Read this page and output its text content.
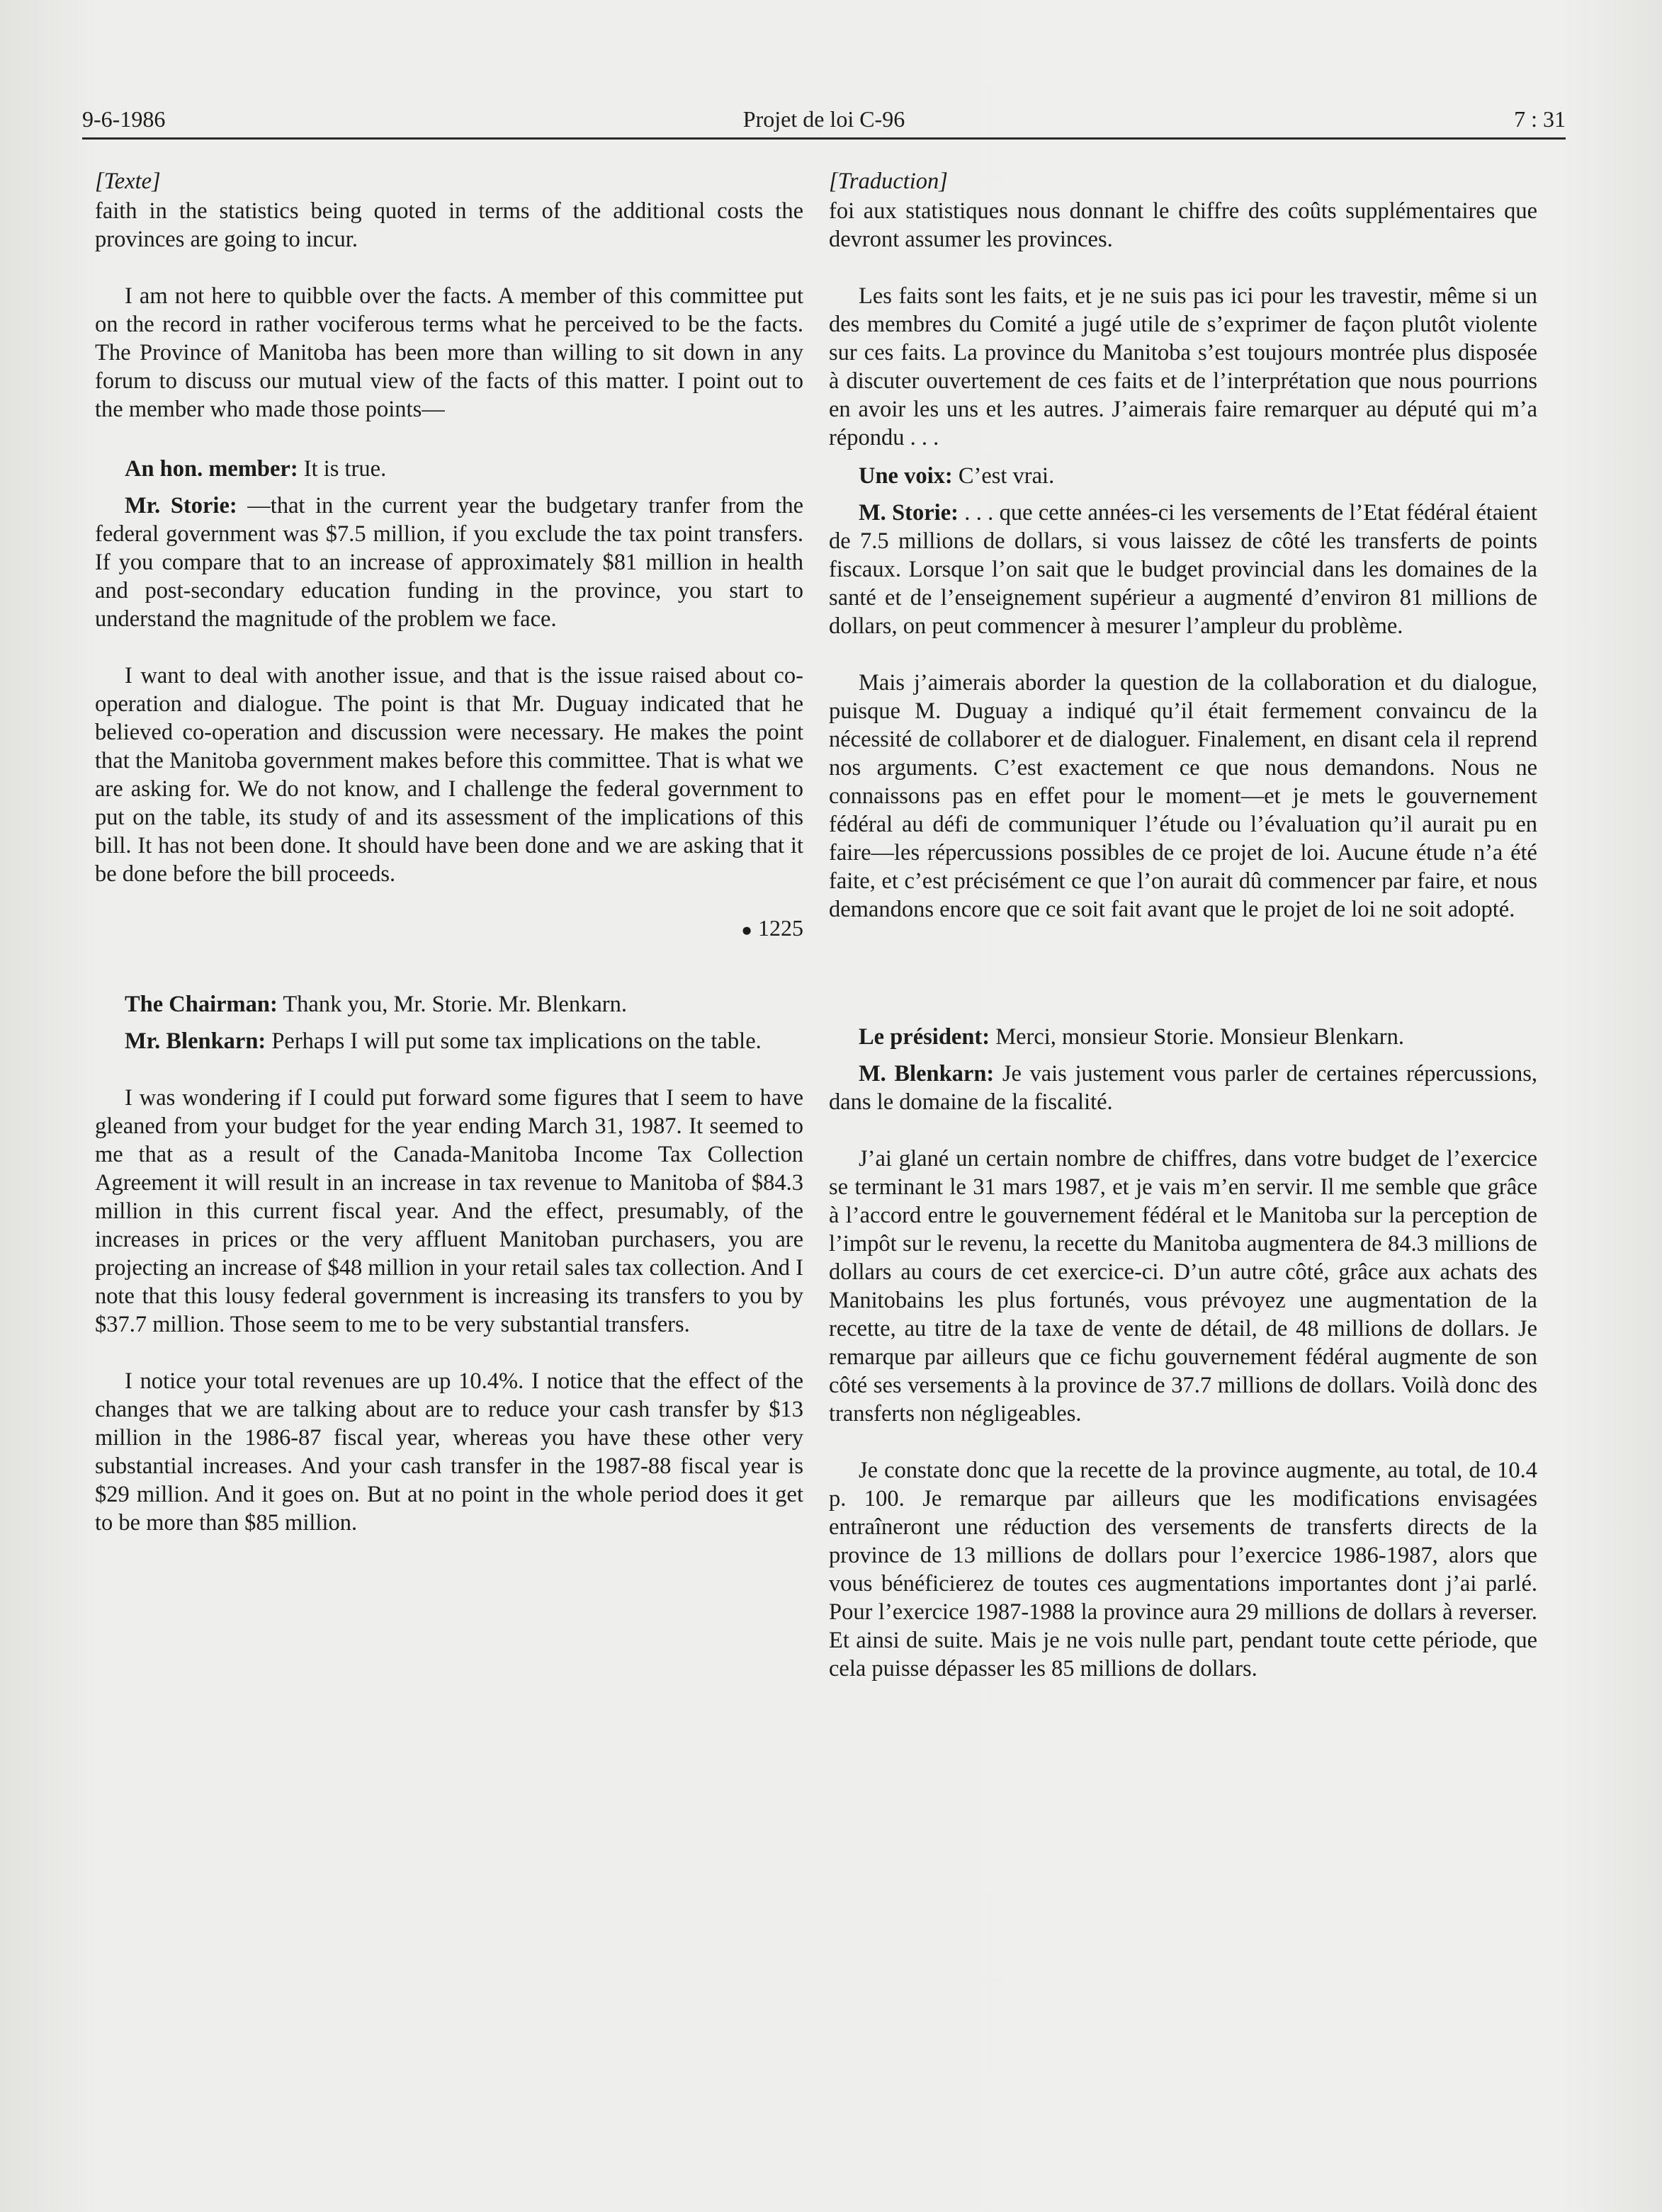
9-6-1986	Projet de loi C-96	7 : 31
[Texte]

faith in the statistics being quoted in terms of the additional costs the provinces are going to incur.

I am not here to quibble over the facts. A member of this committee put on the record in rather vociferous terms what he perceived to be the facts. The Province of Manitoba has been more than willing to sit down in any forum to discuss our mutual view of the facts of this matter. I point out to the member who made those points—

An hon. member: It is true.

Mr. Storie: —that in the current year the budgetary tranfer from the federal government was $7.5 million, if you exclude the tax point transfers. If you compare that to an increase of approximately $81 million in health and post-secondary education funding in the province, you start to understand the magnitude of the problem we face.

I want to deal with another issue, and that is the issue raised about co-operation and dialogue. The point is that Mr. Duguay indicated that he believed co-operation and discussion were necessary. He makes the point that the Manitoba government makes before this committee. That is what we are asking for. We do not know, and I challenge the federal government to put on the table, its study of and its assessment of the implications of this bill. It has not been done. It should have been done and we are asking that it be done before the bill proceeds.

● 1225

The Chairman: Thank you, Mr. Storie. Mr. Blenkarn.

Mr. Blenkarn: Perhaps I will put some tax implications on the table.

I was wondering if I could put forward some figures that I seem to have gleaned from your budget for the year ending March 31, 1987. It seemed to me that as a result of the Canada-Manitoba Income Tax Collection Agreement it will result in an increase in tax revenue to Manitoba of $84.3 million in this current fiscal year. And the effect, presumably, of the increases in prices or the very affluent Manitoban purchasers, you are projecting an increase of $48 million in your retail sales tax collection. And I note that this lousy federal government is increasing its transfers to you by $37.7 million. Those seem to me to be very substantial transfers.

I notice your total revenues are up 10.4%. I notice that the effect of the changes that we are talking about are to reduce your cash transfer by $13 million in the 1986-87 fiscal year, whereas you have these other very substantial increases. And your cash transfer in the 1987-88 fiscal year is $29 million. And it goes on. But at no point in the whole period does it get to be more than $85 million.

[Traduction]

foi aux statistiques nous donnant le chiffre des coûts supplémentaires que devront assumer les provinces.

Les faits sont les faits, et je ne suis pas ici pour les travestir, même si un des membres du Comité a jugé utile de s’exprimer de façon plutôt violente sur ces faits. La province du Manitoba s’est toujours montrée plus disposée à discuter ouvertement de ces faits et de l’interprétation que nous pourrions en avoir les uns et les autres. J’aimerais faire remarquer au député qui m’a répondu . . .

Une voix: C’est vrai.

M. Storie: . . . que cette années-ci les versements de l’Etat fédéral étaient de 7.5 millions de dollars, si vous laissez de côté les transferts de points fiscaux. Lorsque l’on sait que le budget provincial dans les domaines de la santé et de l’enseignement supérieur a augmenté d’environ 81 millions de dollars, on peut commencer à mesurer l’ampleur du problème.

Mais j’aimerais aborder la question de la collaboration et du dialogue, puisque M. Duguay a indiqué qu’il était fermement convaincu de la nécessité de collaborer et de dialoguer. Finalement, en disant cela il reprend nos arguments. C’est exactement ce que nous demandons. Nous ne connaissons pas en effet pour le moment—et je mets le gouvernement fédéral au défi de communiquer l’étude ou l’évaluation qu’il aurait pu en faire—les répercussions possibles de ce projet de loi. Aucune étude n’a été faite, et c’est précisément ce que l’on aurait dû commencer par faire, et nous demandons encore que ce soit fait avant que le projet de loi ne soit adopté.

Le président: Merci, monsieur Storie. Monsieur Blenkarn.

M. Blenkarn: Je vais justement vous parler de certaines répercussions, dans le domaine de la fiscalité.

J’ai glané un certain nombre de chiffres, dans votre budget de l’exercice se terminant le 31 mars 1987, et je vais m’en servir. Il me semble que grâce à l’accord entre le gouvernement fédéral et le Manitoba sur la perception de l’impôt sur le revenu, la recette du Manitoba augmentera de 84.3 millions de dollars au cours de cet exercice-ci. D’un autre côté, grâce aux achats des Manitobains les plus fortunés, vous prévoyez une augmentation de la recette, au titre de la taxe de vente de détail, de 48 millions de dollars. Je remarque par ailleurs que ce fichu gouvernement fédéral augmente de son côté ses versements à la province de 37.7 millions de dollars. Voilà donc des transferts non négligeables.

Je constate donc que la recette de la province augmente, au total, de 10.4 p. 100. Je remarque par ailleurs que les modifications envisagées entraîneront une réduction des versements de transferts directs de la province de 13 millions de dollars pour l’exercice 1986-1987, alors que vous bénéficierez de toutes ces augmentations importantes dont j’ai parlé. Pour l’exercice 1987-1988 la province aura 29 millions de dollars à reverser. Et ainsi de suite. Mais je ne vois nulle part, pendant toute cette période, que cela puisse dépasser les 85 millions de dollars.
